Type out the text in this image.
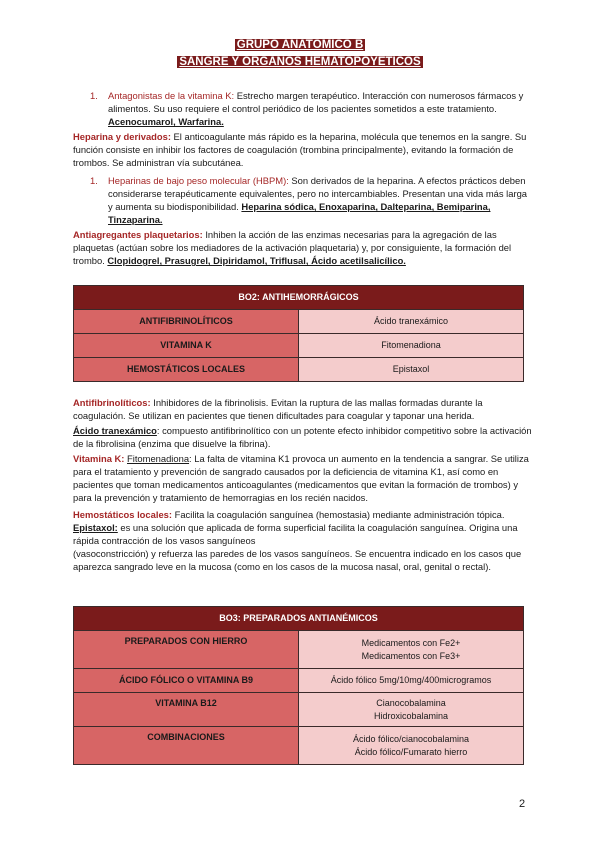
GRUPO ANATÓMICO B
SANGRE Y ÓRGANOS HEMATOPOYÉTICOS
1. Antagonistas de la vitamina K: Estrecho margen terapéutico. Interacción con numerosos fármacos y alimentos. Su uso requiere el control periódico de los pacientes sometidos a este tratamiento. Acenocumarol, Warfarina.
Heparina y derivados: El anticoagulante más rápido es la heparina, molécula que tenemos en la sangre. Su función consiste en inhibir los factores de coagulación (trombina principalmente), evitando la formación de trombos. Se administran vía subcutánea.
1. Heparinas de bajo peso molecular (HBPM): Son derivados de la heparina. A efectos prácticos deben considerarse terapéuticamente equivalentes, pero no intercambiables. Presentan una vida más larga y aumenta su biodisponibilidad. Heparina sódica, Enoxaparina, Dalteparina, Bemiparina, Tinzaparina.
Antiagregantes plaquetarios: Inhiben la acción de las enzimas necesarias para la agregación de las plaquetas (actúan sobre los mediadores de la activación plaquetaria) y, por consiguiente, la formación del trombo. Clopidogrel, Prasugrel, Dipiridamol, Triflusal, Ácido acetilsalicílico.
BO2: ANTIHEMORRÁGICOS	
ANTIFIBRINOLÍTICOS	Ácido tranexámico
VITAMINA K	Fitomenadiona
HEMOSTÁTICOS LOCALES	Epistaxol
Antifibrinolíticos: Inhibidores de la fibrinolisis. Evitan la ruptura de las mallas formadas durante la coagulación. Se utilizan en pacientes que tienen dificultades para coagular y taponar una herida.
Ácido tranexámico: compuesto antifibrinolítico con un potente efecto inhibidor competitivo sobre la activación de la fibrolisina (enzima que disuelve la fibrina).
Vitamina K: Fitomenadiona: La falta de vitamina K1 provoca un aumento en la tendencia a sangrar. Se utiliza para el tratamiento y prevención de sangrado causados por la deficiencia de vitamina K1, así como en pacientes que toman medicamentos anticoagulantes (medicamentos que evitan la formación de trombos) y para la prevención y tratamiento de hemorragias en los recién nacidos.
Hemostáticos locales: Facilita la coagulación sanguínea (hemostasia) mediante administración tópica. Epistaxol: es una solución que aplicada de forma superficial facilita la coagulación sanguínea. Origina una rápida contracción de los vasos sanguíneos
(vasoconstricción) y refuerza las paredes de los vasos sanguíneos. Se encuentra indicado en los casos que aparezca sangrado leve en la mucosa (como en los casos de la mucosa nasal, oral, genital o rectal).
BO3: PREPARADOS ANTIANÉMICOS	
PREPARADOS CON HIERRO	Medicamentos con Fe2+
Medicamentos con Fe3+

ÁCIDO FÓLICO O VITAMINA B9	Ácido fólico 5mg/10mg/400microgramos
VITAMINA B12	Cianocobalamina
Hidroxicobalamina

COMBINACIONES	Ácido fólico/cianocobalamina
Ácido fólico/Fumarato hierro
2
